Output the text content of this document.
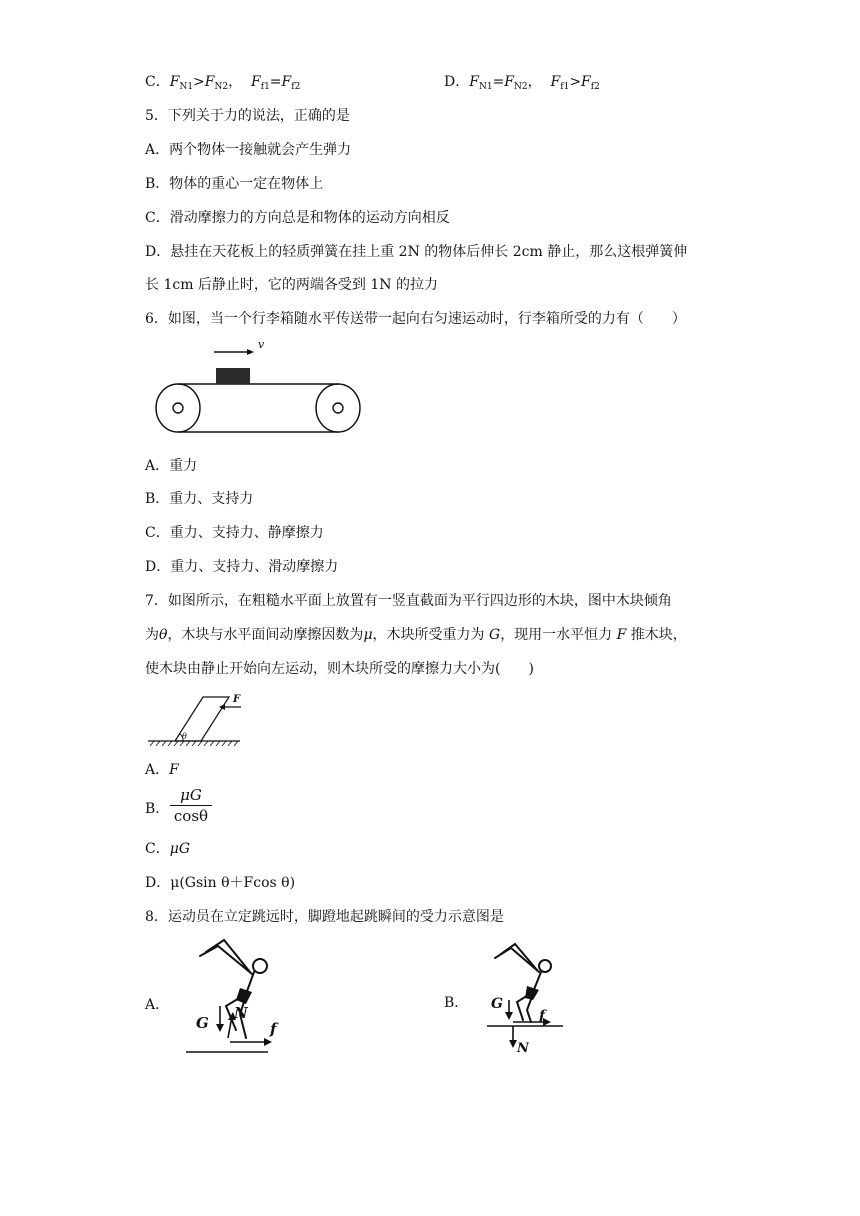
C．$F_{N1}>F_{N2}$， $F_{f1}=F_{f2}$	D．$F_{N1}=F_{N2}$， $F_{f1}>F_{f2}$
5．下列关于力的说法，正确的是
A．两个物体一接触就会产生弹力
B．物体的重心一定在物体上
C．滑动摩擦力的方向总是和物体的运动方向相反
D．悬挂在天花板上的轻质弹簧在挂上重 2N 的物体后伸长 2cm 静止，那么这根弹簧伸
长 1cm 后静止时，它的两端各受到 1N 的拉力
6．如图，当一个行李箱随水平传送带一起向右匀速运动时，行李箱所受的力有（　　）
v
A．重力
B．重力、支持力
C．重力、支持力、静摩擦力
D．重力、支持力、滑动摩擦力
7．如图所示，在粗糙水平面上放置有一竖直截面为平行四边形的木块，图中木块倾角
为θ，木块与水平面间动摩擦因数为μ，木块所受重力为 G，现用一水平恒力 F 推木块，
使木块由静止开始向左运动，则木块所受的摩擦力大小为(　　)
F
θ
A．F
B． $\frac{\mu G}{\cos\theta}$
C．μG
D．μ(Gsin θ＋Fcos θ)
8．运动员在立定跳远时，脚蹬地起跳瞬间的受力示意图是
A．
G
N
f
B． G
f
N
